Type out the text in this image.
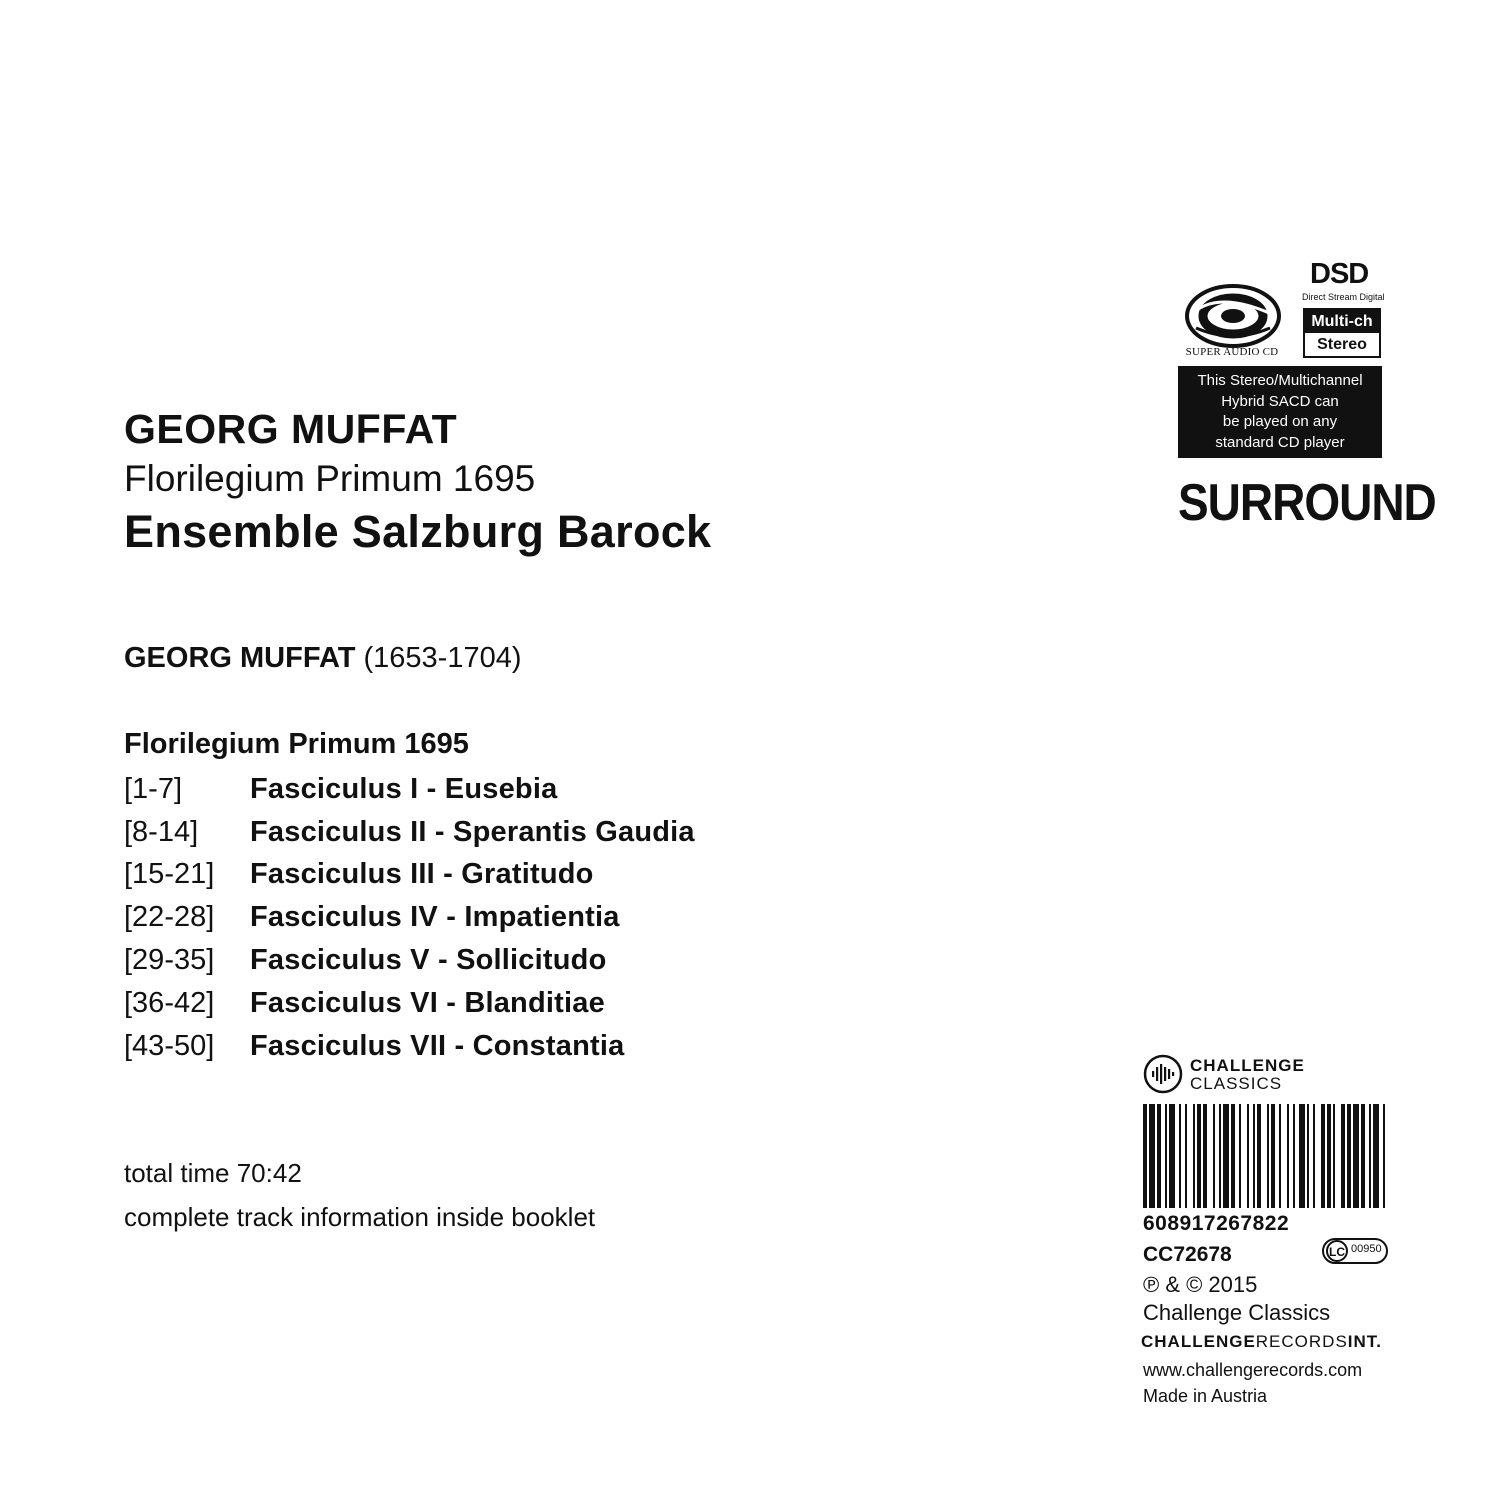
GEORG MUFFAT
Florilegium Primum 1695
Ensemble Salzburg Barock
GEORG MUFFAT (1653-1704)
Florilegium Primum 1695
[1-7]	Fasciculus I - Eusebia
[8-14]	Fasciculus II - Sperantis Gaudia
[15-21]	Fasciculus III - Gratitudo
[22-28]	Fasciculus IV - Impatientia
[29-35]	Fasciculus V - Sollicitudo
[36-42]	Fasciculus VI - Blanditiae
[43-50]	Fasciculus VII - Constantia
total time 70:42
complete track information inside booklet
SUPER AUDIO CD
DSD
Direct Stream Digital
Multi-ch
Stereo
This Stereo/Multichannel
Hybrid SACD can
be played on any
standard CD player
SURROUND
CHALLENGE
CLASSICS
608917267822
CC72678	LC 00950
℗ & © 2015
Challenge Classics
CHALLENGERECORDSINT.
www.challengerecords.com
Made in Austria
